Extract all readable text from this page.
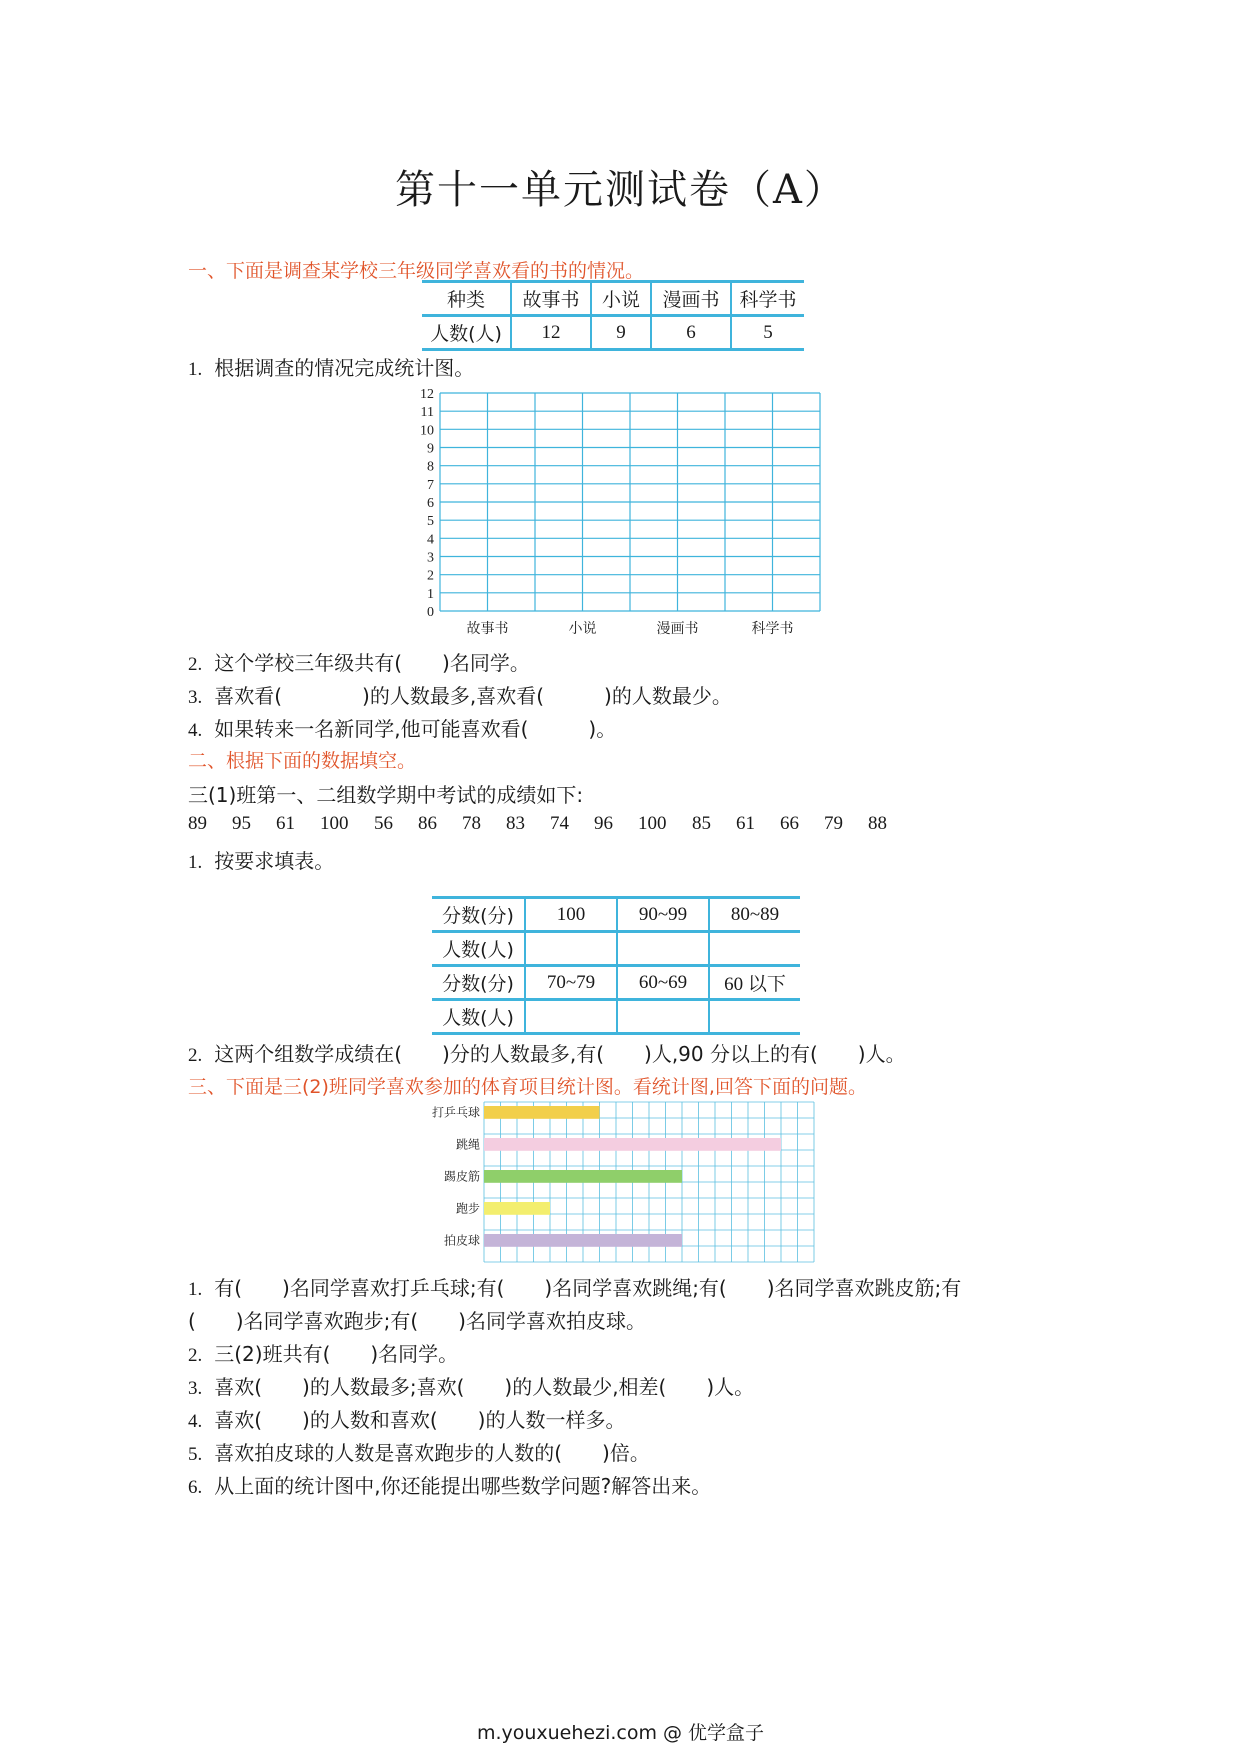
第十一单元测试卷（A）
一、下面是调查某学校三年级同学喜欢看的书的情况。
种类	故事书	小说	漫画书	科学书
人数(人)	12	9	6	5
1. 根据调查的情况完成统计图。
0
1
2
3
4
5
6
7
8
9
10
11
12
故事书	小说	漫画书	科学书
2. 这个学校三年级共有(　　)名同学。
3. 喜欢看(　　　　)的人数最多,喜欢看(　　　)的人数最少。
4. 如果转来一名新同学,他可能喜欢看(　　　)。
二、根据下面的数据填空。
三(1)班第一、二组数学期中考试的成绩如下:
89 95 61 100 56 86 78 83 74 96 100 85 61 66 79 88
1. 按要求填表。
分数(分)	100	90~99	80~89
人数(人)			
分数(分)	70~79	60~69	60 以下
人数(人)			
2. 这两个组数学成绩在(　　)分的人数最多,有(　　)人,90 分以上的有(　　)人。
三、下面是三(2)班同学喜欢参加的体育项目统计图。看统计图,回答下面的问题。
打乒乓球
跳绳
踢皮筋
跑步
拍皮球
1. 有(　　)名同学喜欢打乒乓球;有(　　)名同学喜欢跳绳;有(　　)名同学喜欢跳皮筋;有
(　　)名同学喜欢跑步;有(　　)名同学喜欢拍皮球。
2. 三(2)班共有(　　)名同学。
3. 喜欢(　　)的人数最多;喜欢(　　)的人数最少,相差(　　)人。
4. 喜欢(　　)的人数和喜欢(　　)的人数一样多。
5. 喜欢拍皮球的人数是喜欢跑步的人数的(　　)倍。
6. 从上面的统计图中,你还能提出哪些数学问题?解答出来。
m.youxuehezi.com @ 优学盒子
